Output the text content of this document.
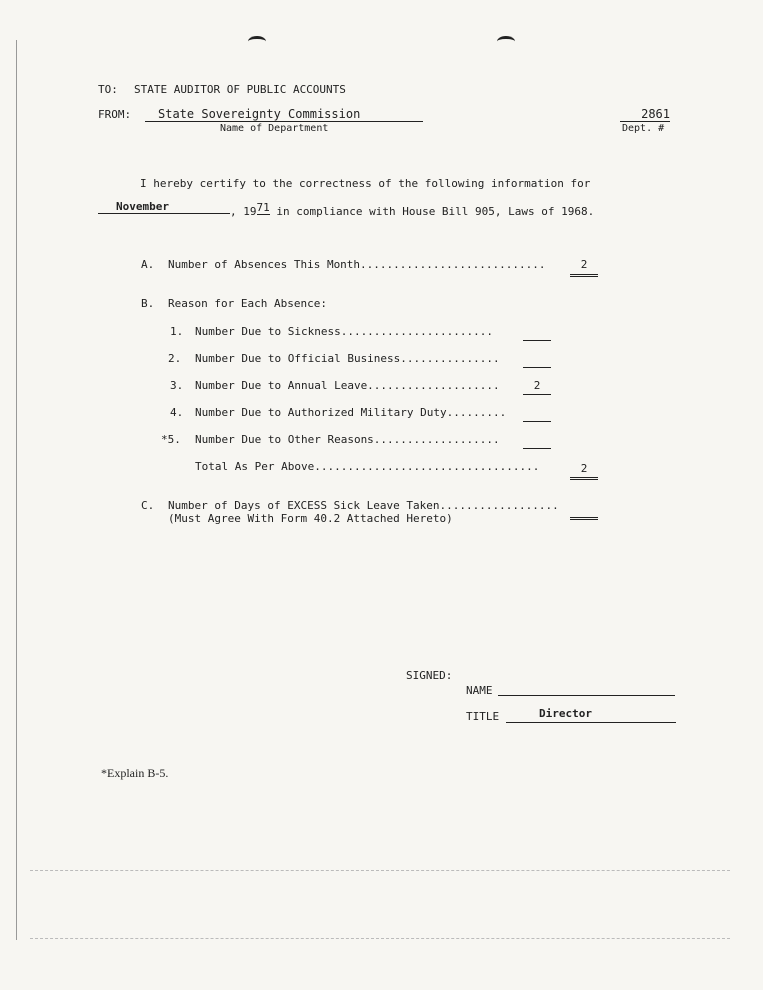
TO: STATE AUDITOR OF PUBLIC ACCOUNTS
FROM:	State Sovereignty Commission
Name of Department
2861
Dept. #
I hereby certify to the correctness of the following information for
November	, 1971 in compliance with House Bill 905, Laws of 1968.
A. Number of Absences This Month............................	2
B. Reason for Each Absence:
1. Number Due to Sickness.......................
2. Number Due to Official Business...............
3. Number Due to Annual Leave....................	2
4. Number Due to Authorized Military Duty.........
*5. Number Due to Other Reasons...................
Total As Per Above..................................	2
C. Number of Days of EXCESS Sick Leave Taken..................
(Must Agree With Form 40.2 Attached Hereto)
SIGNED:
NAME
TITLE	Director
*Explain B-5.
